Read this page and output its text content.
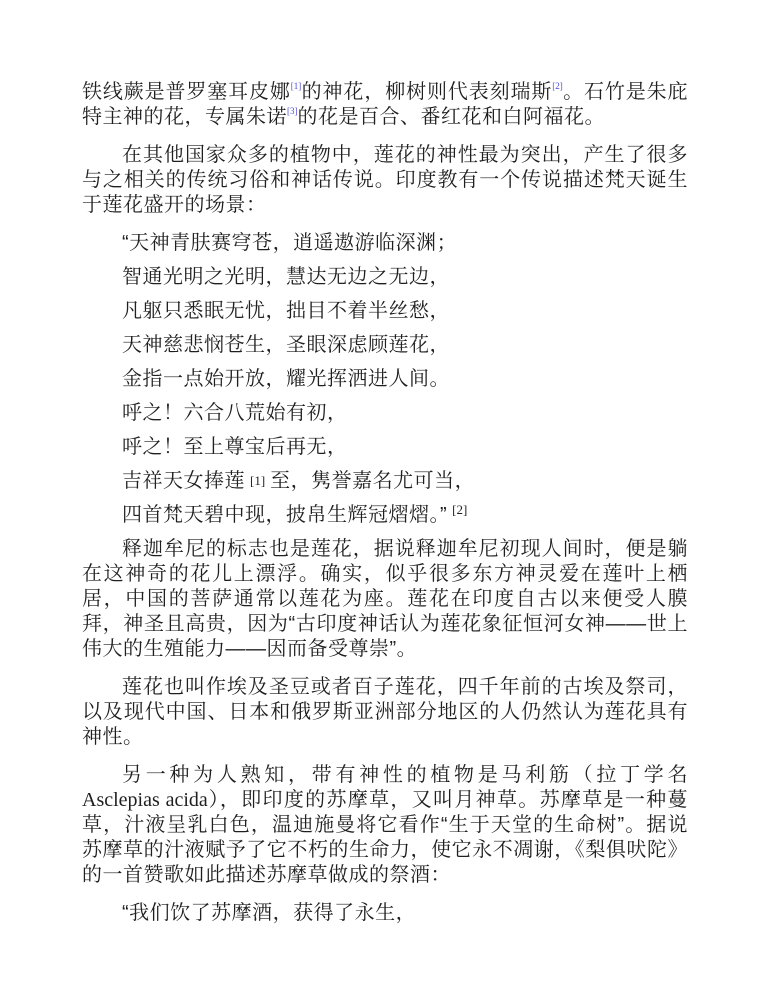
铁线蕨是普罗塞耳皮娜[1]的神花，柳树则代表刻瑞斯[2]。石竹是朱庇特主神的花，专属朱诺[3]的花是百合、番红花和白阿福花。

在其他国家众多的植物中，莲花的神性最为突出，产生了很多与之相关的传统习俗和神话传说。印度教有一个传说描述梵天诞生于莲花盛开的场景：

“天神青肤赛穹苍，逍遥遨游临深渊；

智通光明之光明，慧达无边之无边，

凡躯只悉眠无忧，拙目不着半丝愁，

天神慈悲悯苍生，圣眼深虑顾莲花，

金指一点始开放，耀光挥洒进人间。

呼之！六合八荒始有初，

呼之！至上尊宝后再无，

吉祥天女捧莲 [1] 至，隽誉嘉名尤可当，

四首梵天碧中现，披帛生辉冠熠熠。” [2]

释迦牟尼的标志也是莲花，据说释迦牟尼初现人间时，便是躺在这神奇的花儿上漂浮。确实，似乎很多东方神灵爱在莲叶上栖居，中国的菩萨通常以莲花为座。莲花在印度自古以来便受人膜拜，神圣且高贵，因为“古印度神话认为莲花象征恒河女神——世上伟大的生殖能力——因而备受尊崇”。

莲花也叫作埃及圣豆或者百子莲花，四千年前的古埃及祭司，以及现代中国、日本和俄罗斯亚洲部分地区的人仍然认为莲花具有神性。

另一种为人熟知，带有神性的植物是马利筋（拉丁学名Asclepias acida），即印度的苏摩草，又叫月神草。苏摩草是一种蔓草，汁液呈乳白色，温迪施曼将它看作“生于天堂的生命树”。据说苏摩草的汁液赋予了它不朽的生命力，使它永不凋谢，《梨俱吠陀》的一首赞歌如此描述苏摩草做成的祭酒：

“我们饮了苏摩酒，获得了永生，
